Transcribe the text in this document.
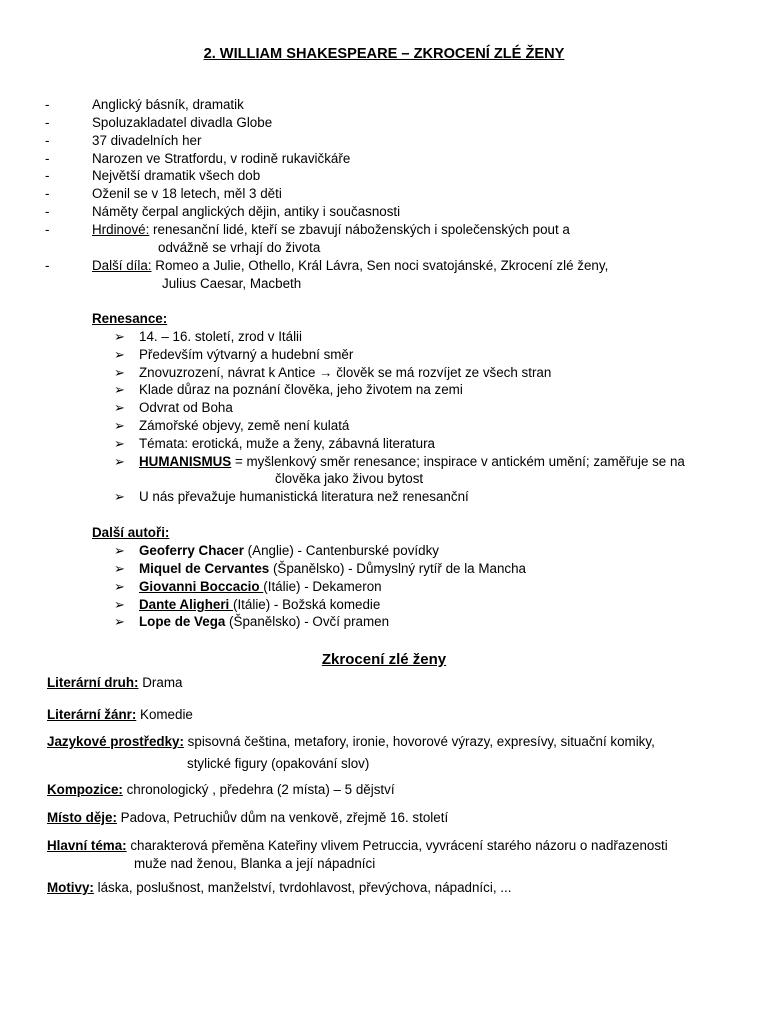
2. WILLIAM SHAKESPEARE – ZKROCENÍ ZLÉ ŽENY
-	Anglický básník, dramatik
-	Spoluzakladatel divadla Globe
-	37 divadelních her
-	Narozen ve Stratfordu, v rodině rukavičkáře
-	Největší dramatik všech dob
-	Oženil se v 18 letech, měl 3 děti
-	Náměty čerpal anglických dějin, antiky i současnosti
-	Hrdinové: renesanční lidé, kteří se zbavují náboženských i společenských pout a
odvážně se vrhají do života
-	Další díla: Romeo a Julie, Othello, Král Lávra, Sen noci svatojánské, Zkrocení zlé ženy,
Julius Caesar, Macbeth
Renesance:
➢ 14. – 16. století, zrod v Itálii
➢ Především výtvarný a hudební směr
➢ Znovuzrození, návrat k Antice → člověk se má rozvíjet ze všech stran
➢ Klade důraz na poznání člověka, jeho životem na zemi
➢ Odvrat od Boha
➢ Zámořské objevy, země není kulatá
➢ Témata: erotická, muže a ženy, zábavná literatura
➢ HUMANISMUS = myšlenkový směr renesance; inspirace v antickém umění; zaměřuje se na
člověka jako živou bytost
➢ U nás převažuje humanistická literatura než renesanční
Další autoři:
➢ Geoferry Chacer (Anglie) - Cantenburské povídky
➢ Miquel de Cervantes (Španělsko) - Důmyslný rytíř de la Mancha
➢ Giovanni Boccacio (Itálie) - Dekameron
➢ Dante Aligheri (Itálie) - Božská komedie
➢ Lope de Vega (Španělsko) - Ovčí pramen
Zkrocení zlé ženy
Literární druh: Drama
Literární žánr: Komedie
Jazykové prostředky: spisovná čeština, metafory, ironie, hovorové výrazy, expresívy, situační komiky,
stylické figury (opakování slov)
Kompozice: chronologický , předehra (2 místa) – 5 dějství
Místo děje: Padova, Petruchiův dům na venkově, zřejmě 16. století
Hlavní téma: charakterová přeměna Kateřiny vlivem Petruccia, vyvrácení starého názoru o nadřazenosti
muže nad ženou, Blanka a její nápadníci
Motivy: láska, poslušnost, manželství, tvrdohlavost, převýchova, nápadníci, ...
